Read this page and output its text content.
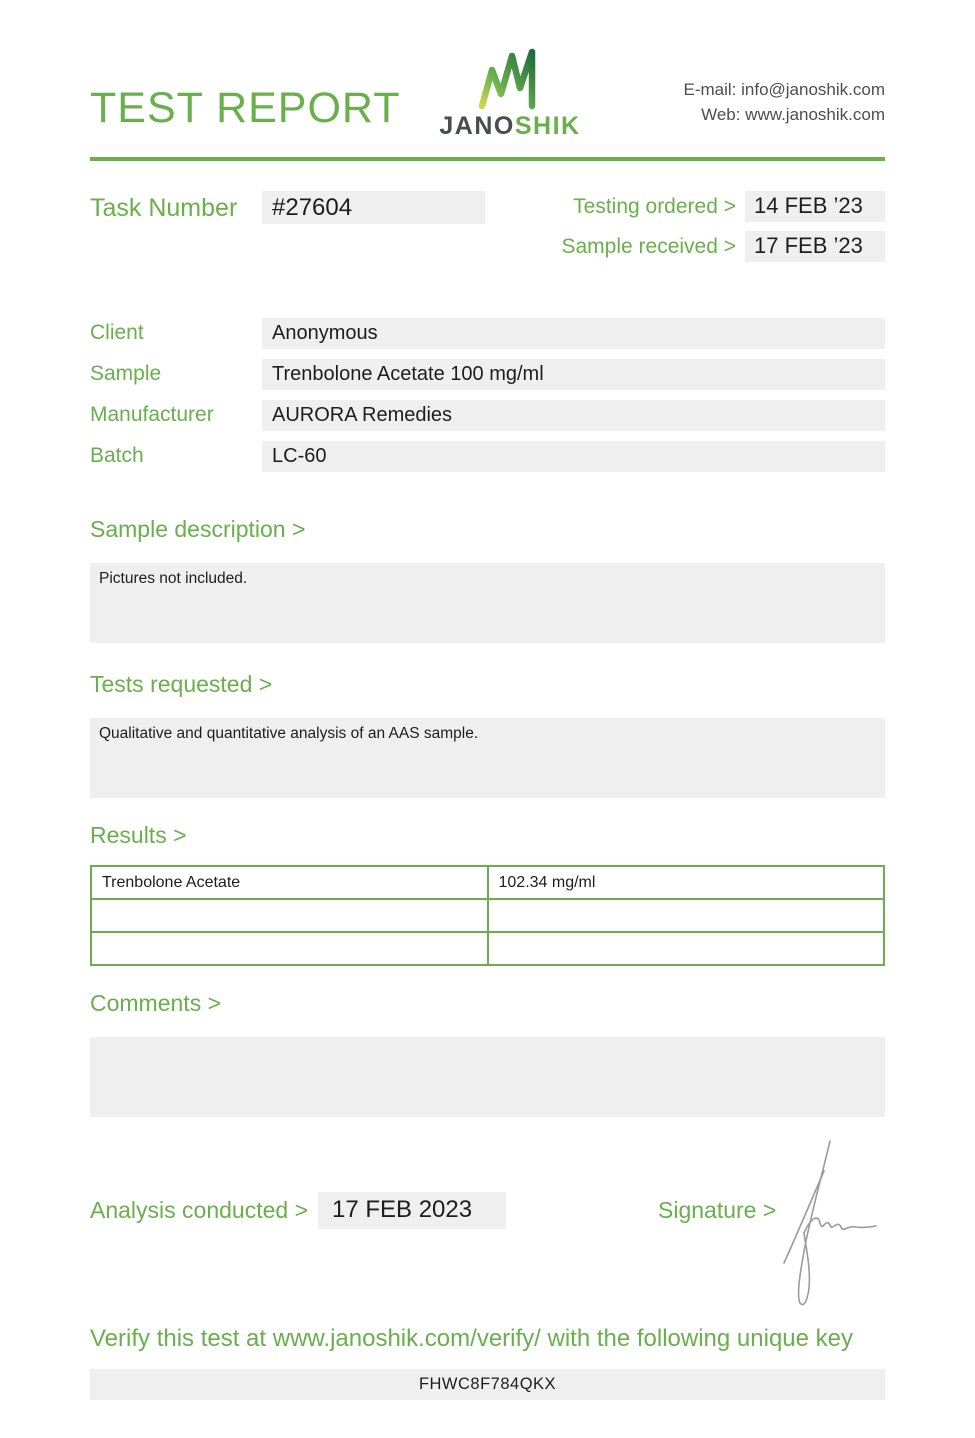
TEST REPORT	JANOSHIK
E-mail: info@janoshik.com
Web: www.janoshik.com
Task Number	#27604	Testing ordered > 14 FEB ’23
Sample received > 17 FEB ’23
Client	Anonymous
Sample	Trenbolone Acetate 100 mg/ml
Manufacturer	AURORA Remedies
Batch	LC-60
Sample description >
Pictures not included.
Tests requested >
Qualitative and quantitative analysis of an AAS sample.
Results >
Trenbolone Acetate	102.34 mg/ml

Comments >
Analysis conducted >	17 FEB 2023	Signature >
Verify this test at www.janoshik.com/verify/ with the following unique key
FHWC8F784QKX
